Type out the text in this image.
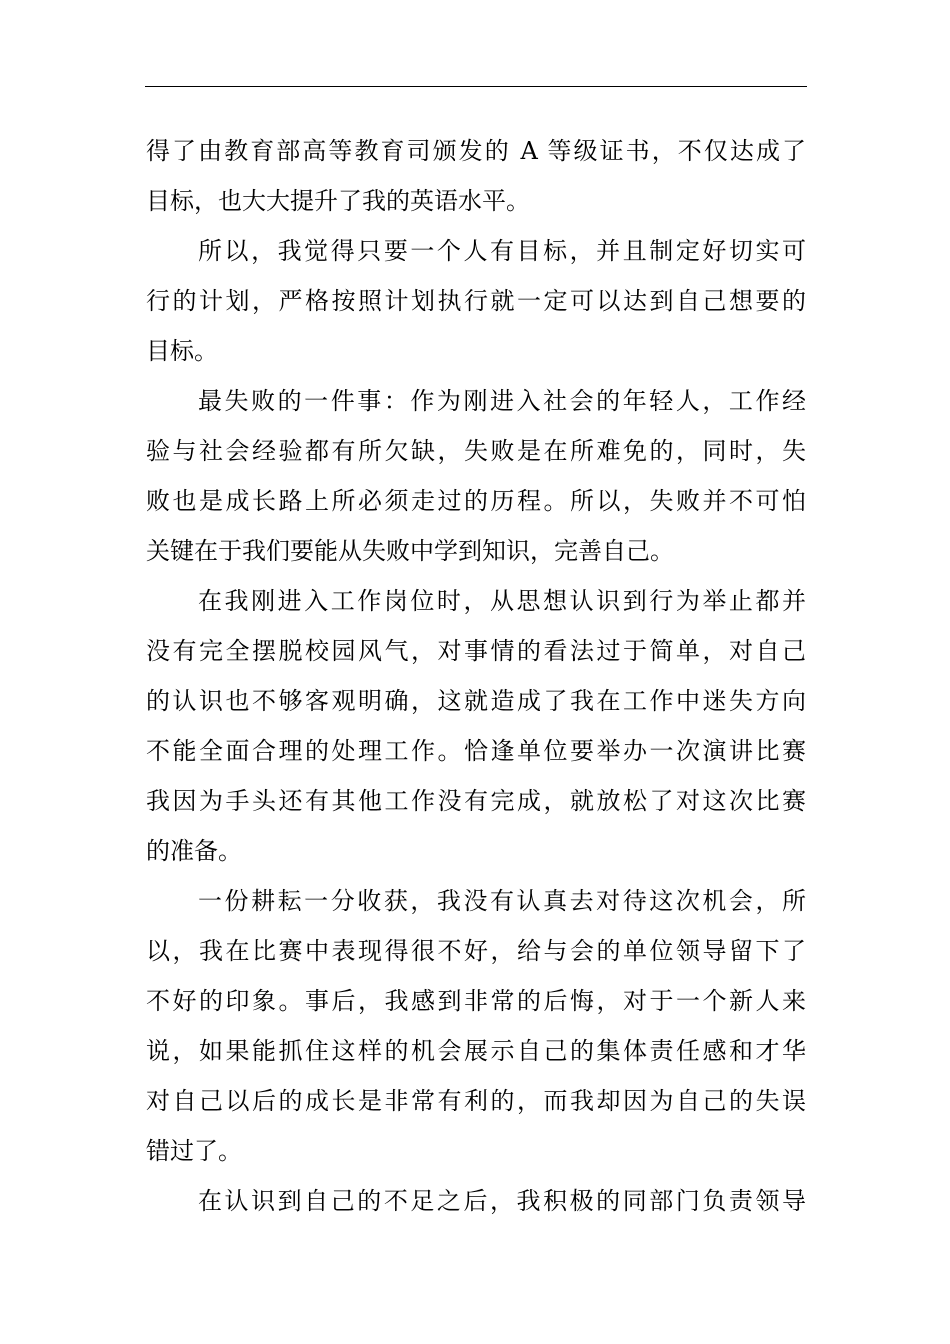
得了由教育部高等教育司颁发的 A 等级证书，不仅达成了
目标，也大大提升了我的英语水平。
所以，我觉得只要一个人有目标，并且制定好切实可
行的计划，严格按照计划执行就一定可以达到自己想要的
目标。
最失败的一件事：作为刚进入社会的年轻人，工作经
验与社会经验都有所欠缺，失败是在所难免的，同时，失
败也是成长路上所必须走过的历程。所以，失败并不可怕
关键在于我们要能从失败中学到知识，完善自己。
在我刚进入工作岗位时，从思想认识到行为举止都并
没有完全摆脱校园风气，对事情的看法过于简单，对自己
的认识也不够客观明确，这就造成了我在工作中迷失方向
不能全面合理的处理工作。恰逢单位要举办一次演讲比赛
我因为手头还有其他工作没有完成，就放松了对这次比赛
的准备。
一份耕耘一分收获，我没有认真去对待这次机会，所
以，我在比赛中表现得很不好，给与会的单位领导留下了
不好的印象。事后，我感到非常的后悔，对于一个新人来
说，如果能抓住这样的机会展示自己的集体责任感和才华
对自己以后的成长是非常有利的，而我却因为自己的失误
错过了。
在认识到自己的不足之后，我积极的同部门负责领导
